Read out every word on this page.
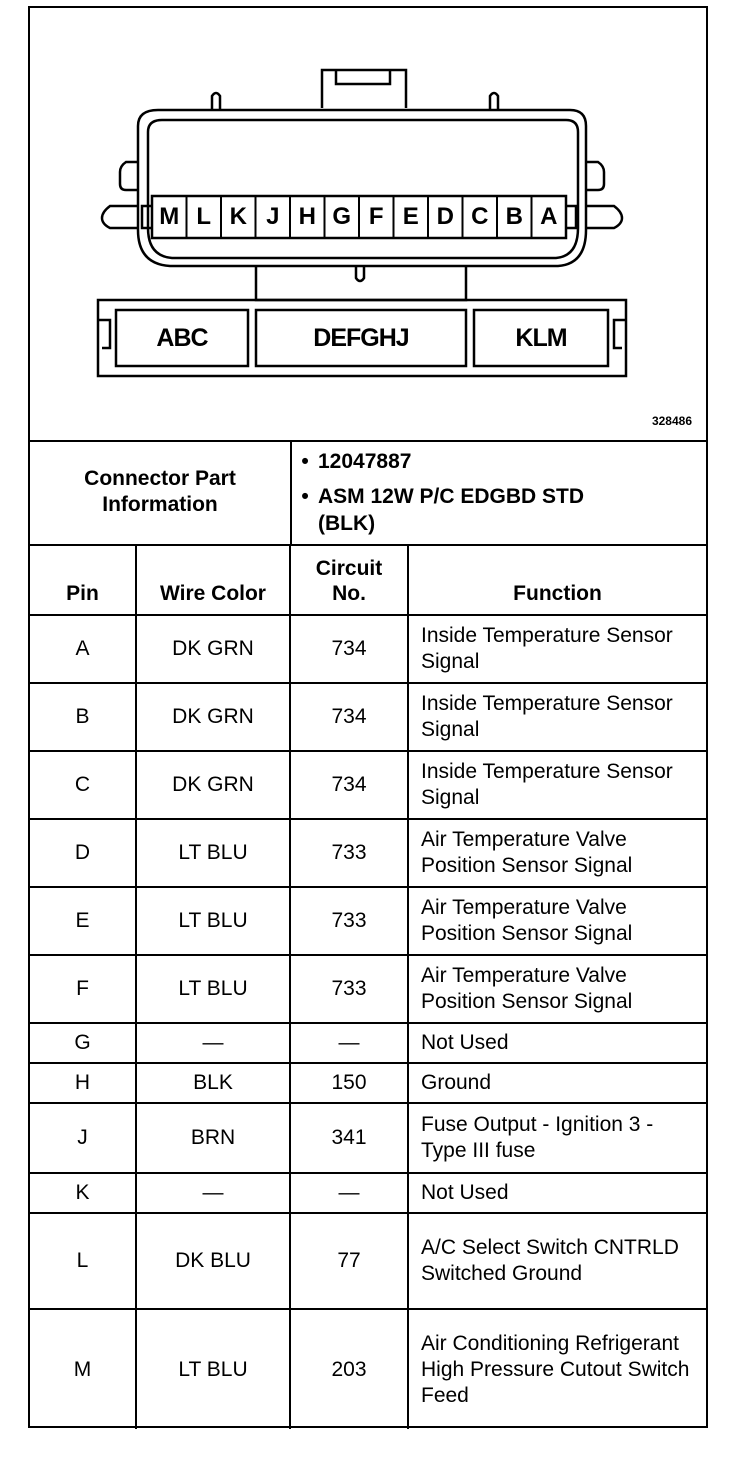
M L K J H G F E D C B A
ABC	DEFGHJ	KLM
328486
Connector Part Information
• 12047887
• ASM 12W P/C EDGBD STD (BLK)
Pin	Wire Color	Circuit No.	Function
A	DK GRN	734	Inside Temperature Sensor Signal
B	DK GRN	734	Inside Temperature Sensor Signal
C	DK GRN	734	Inside Temperature Sensor Signal
D	LT BLU	733	Air Temperature Valve Position Sensor Signal
E	LT BLU	733	Air Temperature Valve Position Sensor Signal
F	LT BLU	733	Air Temperature Valve Position Sensor Signal
G	—	—	Not Used
H	BLK	150	Ground
J	BRN	341	Fuse Output - Ignition 3 - Type III fuse
K	—	—	Not Used
L	DK BLU	77	A/C Select Switch CNTRLD Switched Ground
M	LT BLU	203	Air Conditioning Refrigerant High Pressure Cutout Switch Feed
